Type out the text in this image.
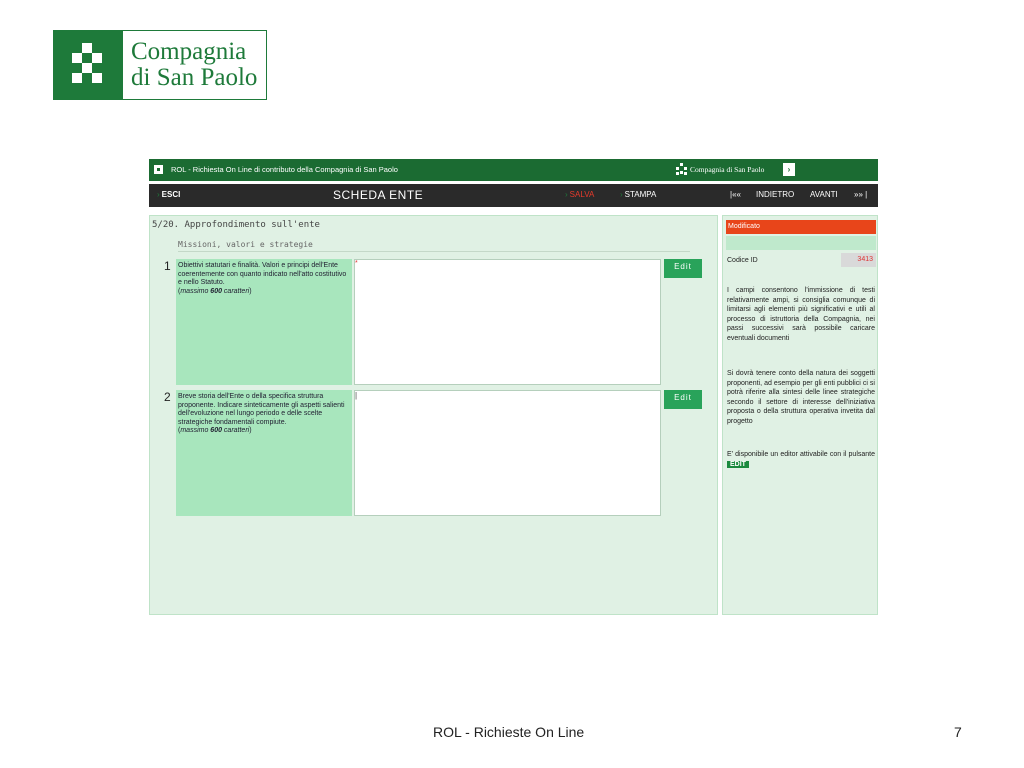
Compagnia
di San Paolo
ROL - Richiesta On Line di contributo della Compagnia di San Paolo	Compagnia di San Paolo	›
› ESCI	SCHEDA ENTE	› SALVA	› STAMPA	|«« INDIETRO AVANTI »» |
5/20. Approfondimento sull'ente
Missioni, valori e strategie
1 Obiettivi statutari e finalità. Valori e principi dell'Ente coerentemente con quanto indicato nell'atto costitutivo e nello Statuto.
(massimo 600 caratteri)
*	Edit
2 Breve storia dell'Ente o della specifica struttura proponente. Indicare sinteticamente gli aspetti salienti dell'evoluzione nel lungo periodo e delle scelte strategiche fondamentali compiute.
(massimo 600 caratteri)
|	Edit
Modificato
Codice ID	3413
I campi consentono l'immissione di testi relativamente ampi, si consiglia comunque di limitarsi agli elementi più significativi e utili al processo di istruttoria della Compagnia, nei passi successivi sarà possibile caricare eventuali documenti
Si dovrà tenere conto della natura dei soggetti proponenti, ad esempio per gli enti pubblici ci si potrà riferire alla sintesi delle linee strategiche secondo il settore di interesse dell'iniziativa proposta o della struttura operativa invetita dal progetto
E' disponibile un editor attivabile con il pulsante EDIT
ROL - Richieste On Line	7
